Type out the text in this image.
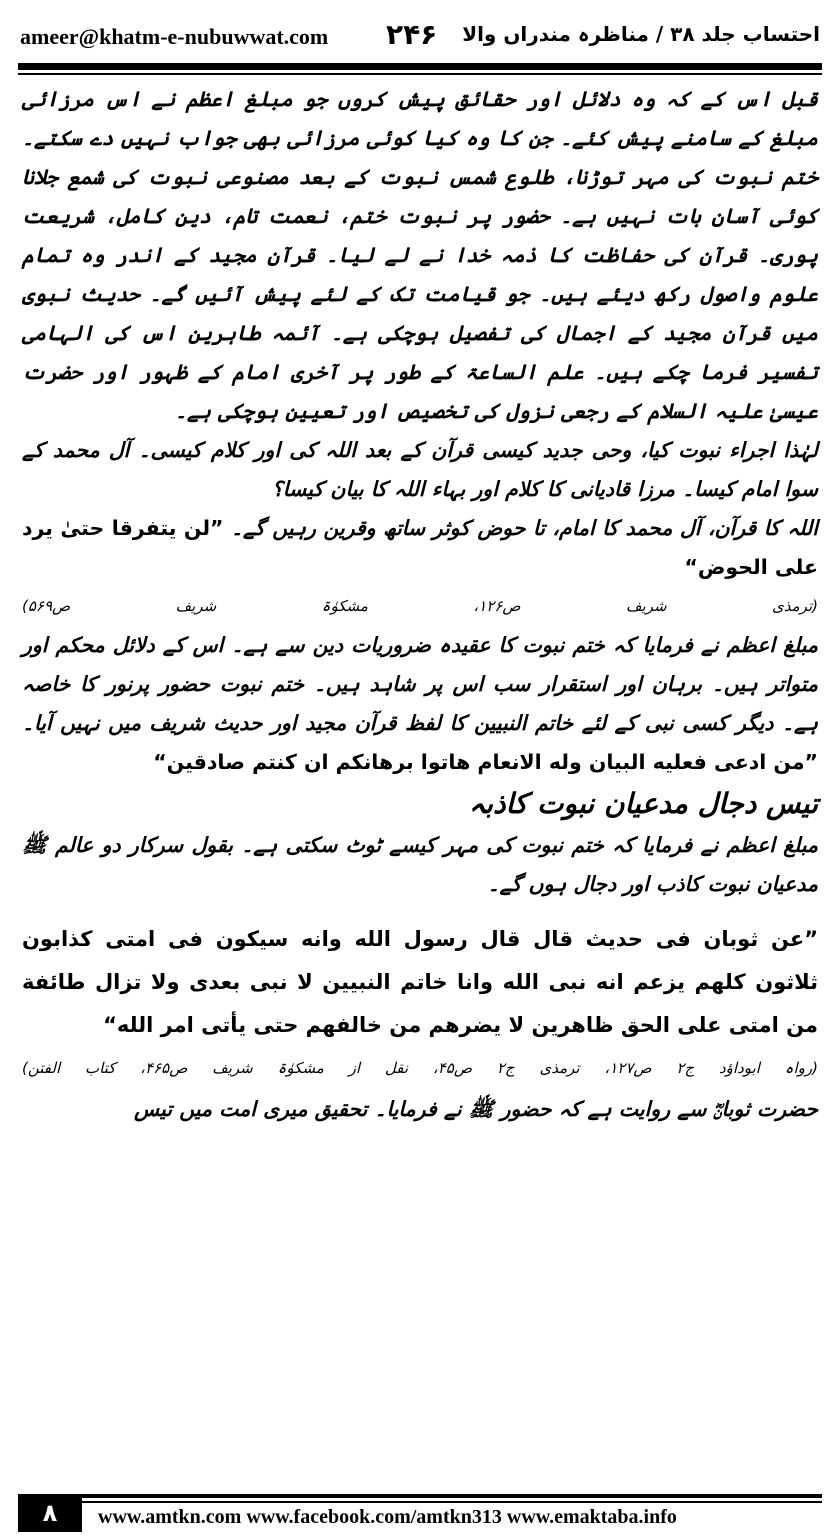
ameer@khatm-e-nubuwwat.com ۲۴۶ احتساب جلد ۳۸ / مناظرہ مندراں والا

قبل اس کے کہ وہ دلائل اور حقائق پیش کروں جو مبلغ اعظم نے اس مرزائی مبلغ کے سامنے پیش کئے۔ جن کا وہ کیا کوئی مرزائی بھی جواب نہیں دے سکتے۔ ختم نبوت کی مہر توڑنا، طلوع شمس نبوت کے بعد مصنوعی نبوت کی شمع جلانا کوئی آسان بات نہیں ہے۔ حضور پر نبوت ختم، نعمت تام، دین کامل، شریعت پوری۔ قرآن کی حفاظت کا ذمہ خدا نے لے لیا۔ قرآن مجید کے اندر وہ تمام علوم واصول رکھ دیئے ہیں۔ جو قیامت تک کے لئے پیش آئیں گے۔ حدیث نبوی میں قرآن مجید کے اجمال کی تفصیل ہوچکی ہے۔ آئمہ طاہرین اس کی الہامی تفسیر فرما چکے ہیں۔ علم الساعۃ کے طور پر آخری امام کے ظہور اور حضرت عیسیٰ علیہ السلام کے رجعی نزول کی تخصیص اور تعیین ہوچکی ہے۔

لہٰذا اجراء نبوت کیا، وحی جدید کیسی قرآن کے بعد اللہ کی اور کلام کیسی۔ آل محمد کے سوا امام کیسا۔ مرزا قادیانی کا کلام اور بہاء اللہ کا بیان کیسا؟

اللہ کا قرآن، آل محمد کا امام، تا حوض کوثر ساتھ وقرین رہیں گے۔ ”لن یتفرقا حتیٰ یرد علی الحوض“
(ترمذی شریف ص۱۲۶، مشکوٰۃ شریف ص۵۶۹)

مبلغ اعظم نے فرمایا کہ ختم نبوت کا عقیدہ ضروریات دین سے ہے۔ اس کے دلائل محکم اور متواتر ہیں۔ برہان اور استقرار سب اس پر شاہد ہیں۔ ختم نبوت حضور پرنور کا خاصہ ہے۔ دیگر کسی نبی کے لئے خاتم النبیین کا لفظ قرآن مجید اور حدیث شریف میں نہیں آیا۔ ”من ادعی فعلیه البیان وله الانعام هاتوا برهانکم ان کنتم صادقین“

تیس دجال مدعیان نبوت کاذبہ

مبلغ اعظم نے فرمایا کہ ختم نبوت کی مہر کیسے ٹوٹ سکتی ہے۔ بقول سرکار دو عالم ﷺ مدعیان نبوت کاذب اور دجال ہوں گے۔

”عن ثوبان فی حدیث قال قال رسول الله وانه سیکون فی امتی کذابون ثلاثون کلهم یزعم انه نبی الله وانا خاتم النبیین لا نبی بعدی ولا تزال طائفة من امتی علی الحق ظاهرین لا یضرهم من خالفهم حتی یأتی امر الله“
(رواہ ابوداؤد ج۲ ص۱۲۷، ترمذی ج۲ ص۴۵، نقل از مشکوٰۃ شریف ص۴۶۵، کتاب الفتن)

حضرت ثوبانؓ سے روایت ہے کہ حضور ﷺ نے فرمایا۔ تحقیق میری امت میں تیس

۸	www.amtkn.com www.facebook.com/amtkn313 www.emaktaba.info
